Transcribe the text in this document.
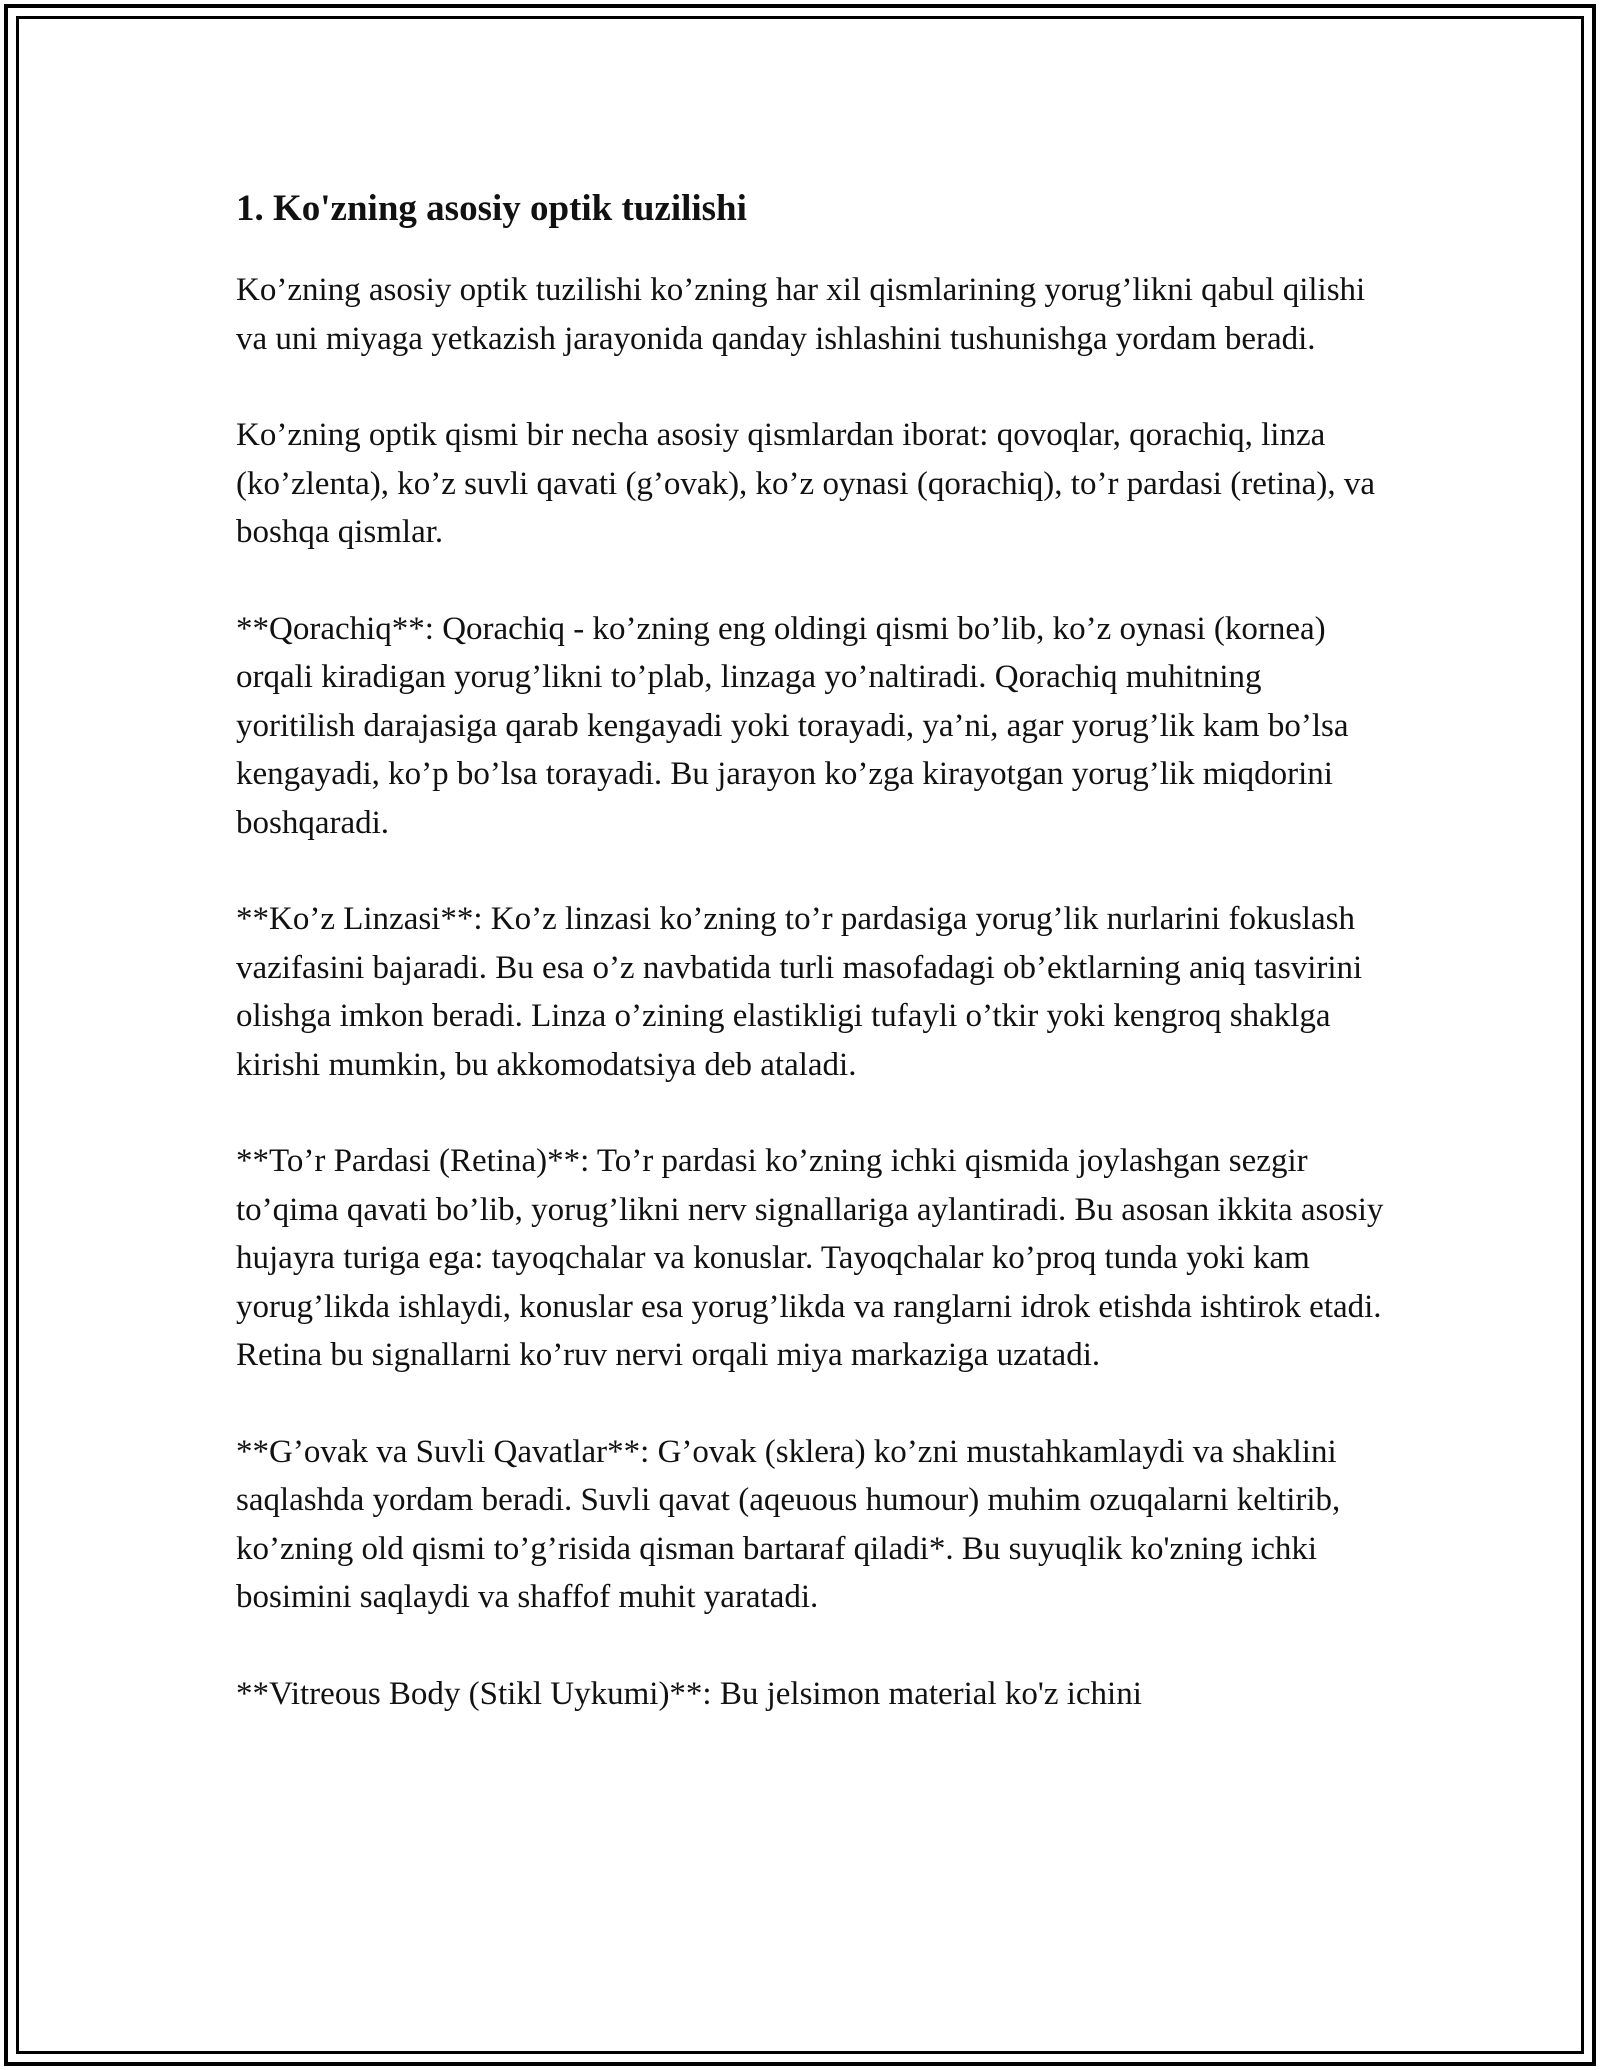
1. Ko'zning asosiy optik tuzilishi

Ko’zning asosiy optik tuzilishi ko’zning har xil qismlarining yorug’likni qabul qilishi va uni miyaga yetkazish jarayonida qanday ishlashini tushunishga yordam beradi.

Ko’zning optik qismi bir necha asosiy qismlardan iborat: qovoqlar, qorachiq, linza (ko’zlenta), ko’z suvli qavati (g’ovak), ko’z oynasi (qorachiq), to’r pardasi (retina), va boshqa qismlar.

**Qorachiq**: Qorachiq - ko’zning eng oldingi qismi bo’lib, ko’z oynasi (kornea) orqali kiradigan yorug’likni to’plab, linzaga yo’naltiradi. Qorachiq muhitning yoritilish darajasiga qarab kengayadi yoki torayadi, ya’ni, agar yorug’lik kam bo’lsa kengayadi, ko’p bo’lsa torayadi. Bu jarayon ko’zga kirayotgan yorug’lik miqdorini boshqaradi.

**Ko’z Linzasi**: Ko’z linzasi ko’zning to’r pardasiga yorug’lik nurlarini fokuslash vazifasini bajaradi. Bu esa o’z navbatida turli masofadagi ob’ektlarning aniq tasvirini olishga imkon beradi. Linza o’zining elastikligi tufayli o’tkir yoki kengroq shaklga kirishi mumkin, bu akkomodatsiya deb ataladi.

**To’r Pardasi (Retina)**: To’r pardasi ko’zning ichki qismida joylashgan sezgir to’qima qavati bo’lib, yorug’likni nerv signallariga aylantiradi. Bu asosan ikkita asosiy hujayra turiga ega: tayoqchalar va konuslar. Tayoqchalar ko’proq tunda yoki kam yorug’likda ishlaydi, konuslar esa yorug’likda va ranglarni idrok etishda ishtirok etadi. Retina bu signallarni ko’ruv nervi orqali miya markaziga uzatadi.

**G’ovak va Suvli Qavatlar**: G’ovak (sklera) ko’zni mustahkamlaydi va shaklini saqlashda yordam beradi. Suvli qavat (aqeuous humour) muhim ozuqalarni keltirib, ko’zning old qismi to’g’risida qisman bartaraf qiladi*. Bu suyuqlik ko'zning ichki bosimini saqlaydi va shaffof muhit yaratadi.

**Vitreous Body (Stikl Uykumi)**: Bu jelsimon material ko'z ichini
